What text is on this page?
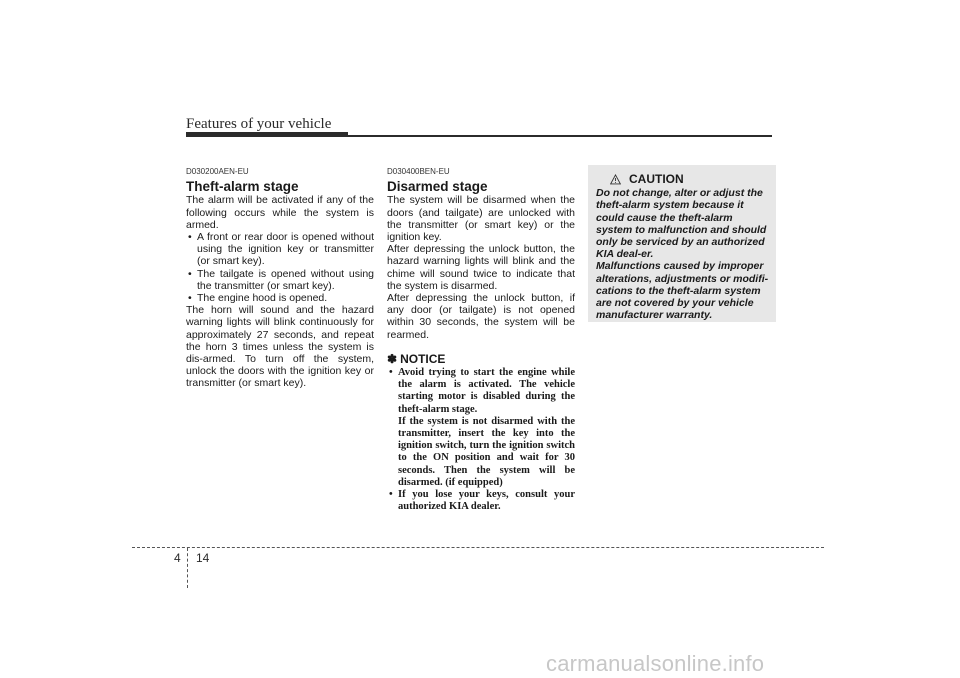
Features of your vehicle
D030200AEN-EU
Theft-alarm stage
The alarm will be activated if any of the following occurs while the system is armed.
• A front or rear door is opened without using the ignition key or transmitter (or smart key).
• The tailgate is opened without using the transmitter (or smart key).
• The engine hood is opened.
The horn will sound and the hazard warning lights will blink continuously for approximately 27 seconds, and repeat the horn 3 times unless the system is dis-armed. To turn off the system, unlock the doors with the ignition key or transmitter (or smart key).
D030400BEN-EU
Disarmed stage
The system will be disarmed when the doors (and tailgate) are unlocked with the transmitter (or smart key) or the ignition key.
After depressing the unlock button, the hazard warning lights will blink and the chime will sound twice to indicate that the system is disarmed.
After depressing the unlock button, if any door (or tailgate) is not opened within 30 seconds, the system will be rearmed.
✽ NOTICE
• Avoid trying to start the engine while the alarm is activated. The vehicle starting motor is disabled during the theft-alarm stage.
If the system is not disarmed with the transmitter, insert the key into the ignition switch, turn the ignition switch to the ON position and wait for 30 seconds. Then the system will be disarmed. (if equipped)
• If you lose your keys, consult your authorized KIA dealer.
CAUTION
Do not change, alter or adjust the theft-alarm system because it could cause the theft-alarm system to malfunction and should only be serviced by an authorized KIA deal-er.
Malfunctions caused by improper alterations, adjustments or modifi-cations to the theft-alarm system are not covered by your vehicle manufacturer warranty.
4 14
carmanualsonline.info
